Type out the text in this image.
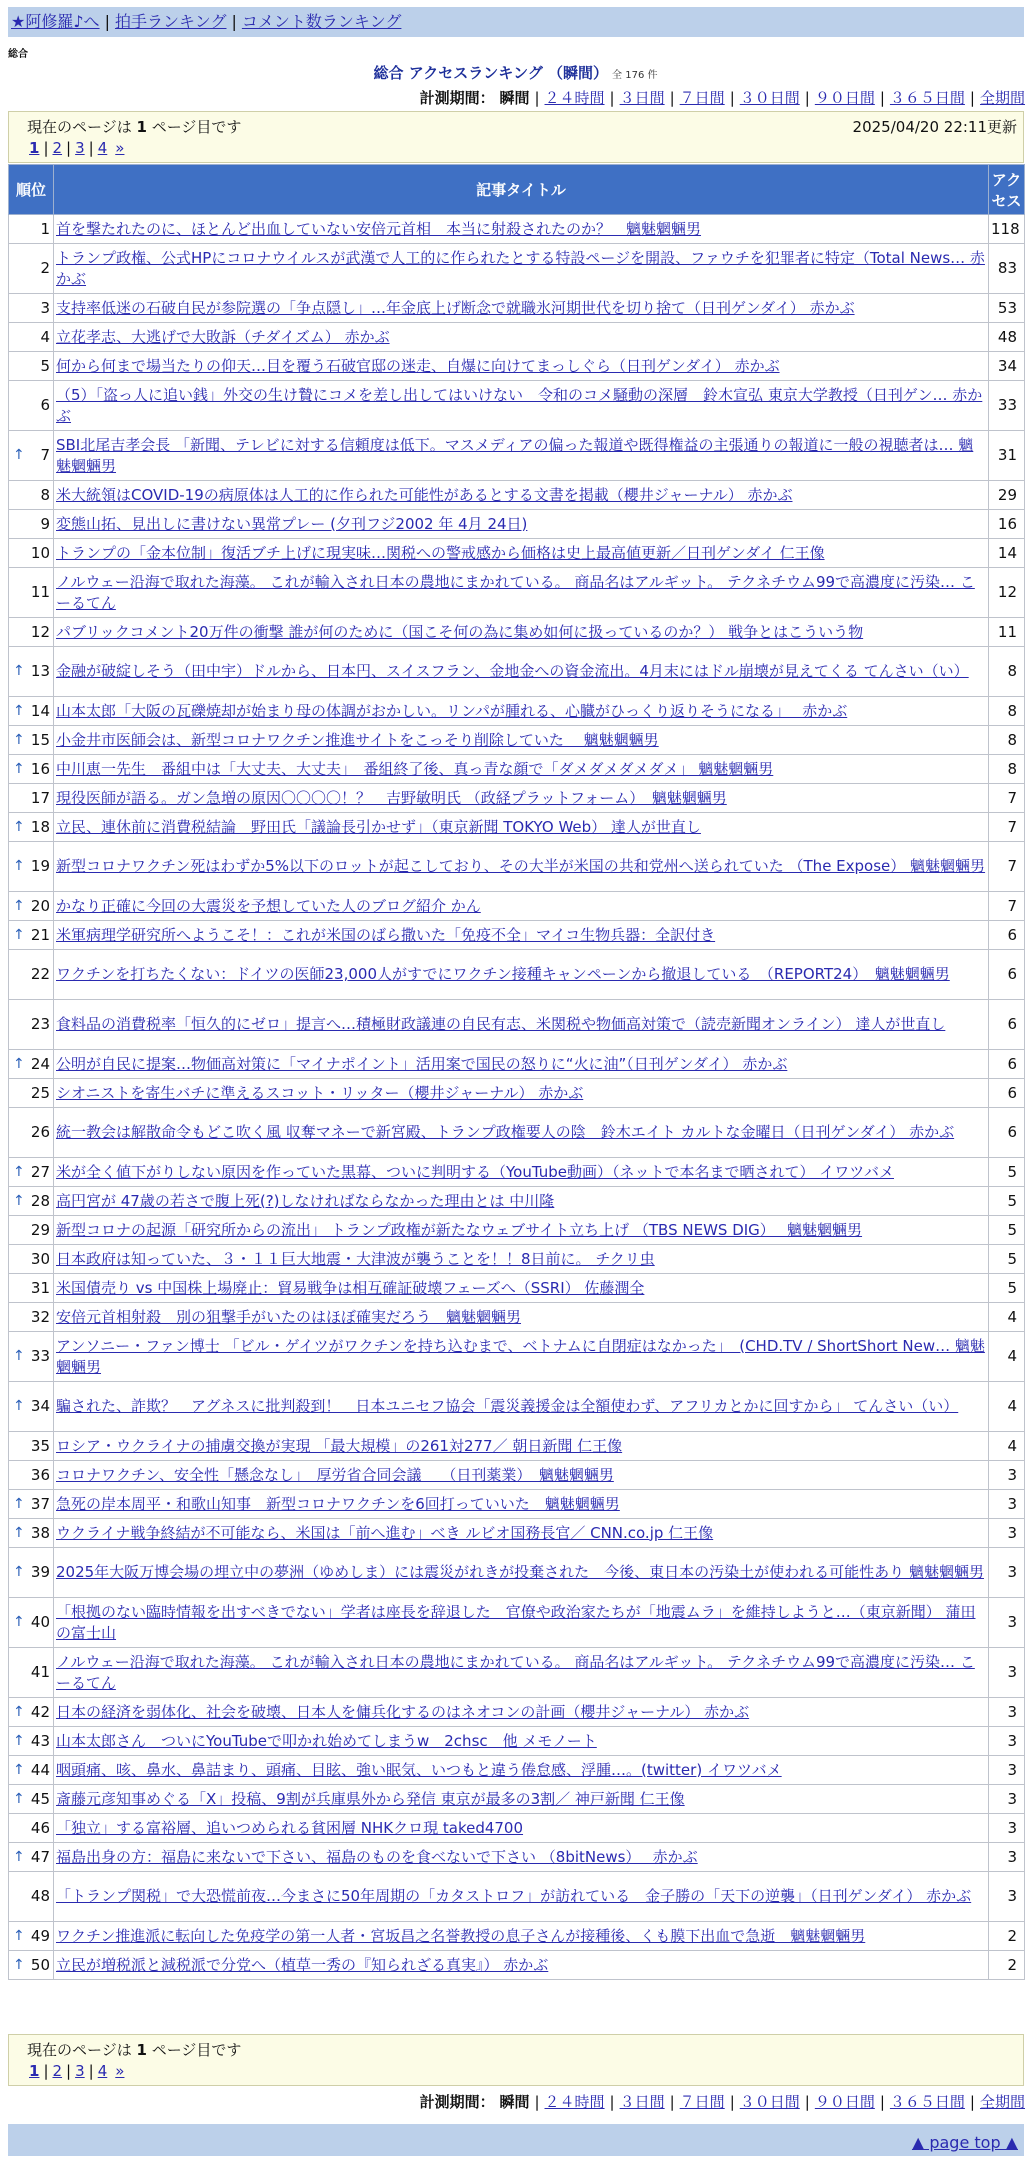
★阿修羅♪へ | 拍手ランキング | コメント数ランキング
総合
総合 アクセスランキング （瞬間） 全 176 件
計測期間： 瞬間 | ２４時間 | ３日間 | ７日間 | ３０日間 | ９０日間 | ３６５日間 | 全期間
現在のページは 1 ページ目です	2025/04/20 22:11更新
1 | 2 | 3 | 4 »
順位	記事タイトル	アクセス
1	首を撃たれたのに、ほとんど出血していない安倍元首相　本当に射殺されたのか？　魑魅魍魎男	118
2	トランプ政権、公式HPにコロナウイルスが武漢で人工的に作られたとする特設ページを開設、ファウチを犯罪者に特定（Total News… 赤かぶ	83
3	支持率低迷の石破自民が参院選の「争点隠し」…年金底上げ断念で就職氷河期世代を切り捨て（日刊ゲンダイ） 赤かぶ	53
4	立花孝志、大逃げで大敗訴（チダイズム） 赤かぶ	48
5	何から何まで場当たりの仰天…目を覆う石破官邸の迷走、自爆に向けてまっしぐら（日刊ゲンダイ） 赤かぶ	34
6	（5）「盗っ人に追い銭」外交の生け贄にコメを差し出してはいけない　令和のコメ騒動の深層　鈴木宣弘 東京大学教授（日刊ゲン… 赤かぶ	33

↑ 7	SBI北尾吉孝会長 「新聞、テレビに対する信頼度は低下。マスメディアの偏った報道や既得権益の主張通りの報道に一般の視聴者は… 魑魅魍魎男	31
8	米大統領はCOVID-19の病原体は人工的に作られた可能性があるとする文書を掲載（櫻井ジャーナル） 赤かぶ	29
9	変態山拓、見出しに書けない異常プレー (夕刊フジ2002 年 4月 24日)	16
10	トランプの「金本位制」復活ブチ上げに現実味…関税への警戒感から価格は史上最高値更新／日刊ゲンダイ 仁王像	14
11	ノルウェー沿海で取れた海藻。 これが輸入され日本の農地にまかれている。 商品名はアルギット。 テクネチウム99で高濃度に汚染… こーるてん	12
12	パブリックコメント20万件の衝撃 誰が何のために（国こそ何の為に集め如何に扱っているのか？） 戦争とはこういう物	11

↑ 13	金融が破綻しそう（田中宇）ドルから、日本円、スイスフラン、金地金への資金流出。4月末にはドル崩壊が見えてくる てんさい（い）	8

↑ 14	山本太郎「大阪の瓦礫焼却が始まり母の体調がおかしい。リンパが腫れる、心臓がひっくり返りそうになる」　 赤かぶ	8

↑ 15	小金井市医師会は、新型コロナワクチン推進サイトをこっそり削除していた　 魑魅魍魎男	8

↑ 16	中川恵一先生　番組中は「大丈夫、大丈夫」　番組終了後、真っ青な顔で「ダメダメダメダメ」 魑魅魍魎男	8
17	現役医師が語る。ガン急増の原因〇〇〇〇！？　吉野敏明氏 （政経プラットフォーム）　魑魅魍魎男	7

↑ 18	立民、連休前に消費税結論　野田氏「議論長引かせず」（東京新聞 TOKYO Web） 達人が世直し	7

↑ 19	新型コロナワクチン死はわずか5%以下のロットが起こしており、その大半が米国の共和党州へ送られていた （The Expose） 魑魅魍魎男	7

↑ 20	かなり正確に今回の大震災を予想していた人のブログ紹介 かん	7

↑ 21	米軍病理学研究所へようこそ！：これが米国のばら撒いた「免疫不全」マイコ生物兵器：全訳付き	6
22	ワクチンを打ちたくない：ドイツの医師23,000人がすでにワクチン接種キャンペーンから撤退している　（REPORT24）　魑魅魍魎男	6
23	食料品の消費税率「恒久的にゼロ」提言へ…積極財政議連の自民有志、米関税や物価高対策で（読売新聞オンライン） 達人が世直し	6

↑ 24	公明が自民に提案…物価高対策に「マイナポイント」活用案で国民の怒りに“火に油”（日刊ゲンダイ） 赤かぶ	6
25	シオニストを寄生バチに準えるスコット・リッター（櫻井ジャーナル） 赤かぶ	6
26	統一教会は解散命令もどこ吹く風 収奪マネーで新宮殿、トランプ政権要人の陰　鈴木エイト カルトな金曜日（日刊ゲンダイ） 赤かぶ	6

↑ 27	米が全く値下がりしない原因を作っていた黒幕、ついに判明する（YouTube動画）（ネットで本名まで晒されて） イワツバメ	5

↑ 28	高円宮が 47歳の若さで腹上死(?)しなければならなかった理由とは 中川隆	5
29	新型コロナの起源「研究所からの流出」 トランプ政権が新たなウェブサイト立ち上げ （TBS NEWS DIG）　 魑魅魍魎男	5
30	日本政府は知っていた、３・１１巨大地震・大津波が襲うことを！！8日前に。 チクリ虫	5
31	米国債売り vs 中国株上場廃止：貿易戦争は相互確証破壊フェーズへ（SSRI） 佐藤潤全	5
32	安倍元首相射殺　別の狙撃手がいたのはほぼ確実だろう　魑魅魍魎男	4

↑ 33	アンソニー・ファン博士 「ビル・ゲイツがワクチンを持ち込むまで、ベトナムに自閉症はなかった」　(CHD.TV / ShortShort New… 魑魅魍魎男	4

↑ 34	騙された、詐欺？　アグネスに批判殺到！　日本ユニセフ協会「震災義援金は全額使わず、アフリカとかに回すから」 てんさい（い）	4
35	ロシア・ウクライナの捕虜交換が実現 「最大規模」の261対277／ 朝日新聞 仁王像	4
36	コロナワクチン、安全性「懸念なし」　厚労省合同会議　 （日刊薬業）　魑魅魍魎男	3

↑ 37	急死の岸本周平・和歌山知事　新型コロナワクチンを6回打っていいた　魑魅魍魎男	3

↑ 38	ウクライナ戦争終結が不可能なら、米国は「前へ進む」べき ルビオ国務長官／ CNN.co.jp 仁王像	3

↑ 39	2025年大阪万博会場の埋立中の夢洲（ゆめしま）には震災がれきが投棄された　今後、東日本の汚染土が使われる可能性あり 魑魅魍魎男	3

↑ 40	「根拠のない臨時情報を出すべきでない」学者は座長を辞退した　官僚や政治家たちが「地震ムラ」を維持しようと…（東京新聞） 蒲田の富士山	3
41	ノルウェー沿海で取れた海藻。 これが輸入され日本の農地にまかれている。 商品名はアルギット。 テクネチウム99で高濃度に汚染… こーるてん	3

↑ 42	日本の経済を弱体化、社会を破壊、日本人を傭兵化するのはネオコンの計画（櫻井ジャーナル） 赤かぶ	3

↑ 43	山本太郎さん　ついにYouTubeで叩かれ始めてしまうw　2chsc　他 メモノート	3

↑ 44	咽頭痛、咳、鼻水、鼻詰まり、頭痛、目眩、強い眠気、いつもと違う倦怠感、浮腫…。(twitter) イワツバメ	3

↑ 45	斎藤元彦知事めぐる「X」投稿、9割が兵庫県外から発信 東京が最多の3割／ 神戸新聞 仁王像	3
46	「独立」する富裕層、追いつめられる貧困層 NHKクロ現 taked4700	3

↑ 47	福島出身の方：福島に来ないで下さい、福島のものを食べないで下さい （8bitNews）　 赤かぶ	3
48	「トランプ関税」で大恐慌前夜…今まさに50年周期の「カタストロフ」が訪れている　金子勝の「天下の逆襲」（日刊ゲンダイ） 赤かぶ	3

↑ 49	ワクチン推進派に転向した免疫学の第一人者・宮坂昌之名誉教授の息子さんが接種後、くも膜下出血で急逝　魑魅魍魎男	2

↑ 50	立民が増税派と減税派で分党へ（植草一秀の『知られざる真実』） 赤かぶ	2
現在のページは 1 ページ目です
1 | 2 | 3 | 4 »
計測期間： 瞬間 | ２４時間 | ３日間 | ７日間 | ３０日間 | ９０日間 | ３６５日間 | 全期間
▲ page top ▲
